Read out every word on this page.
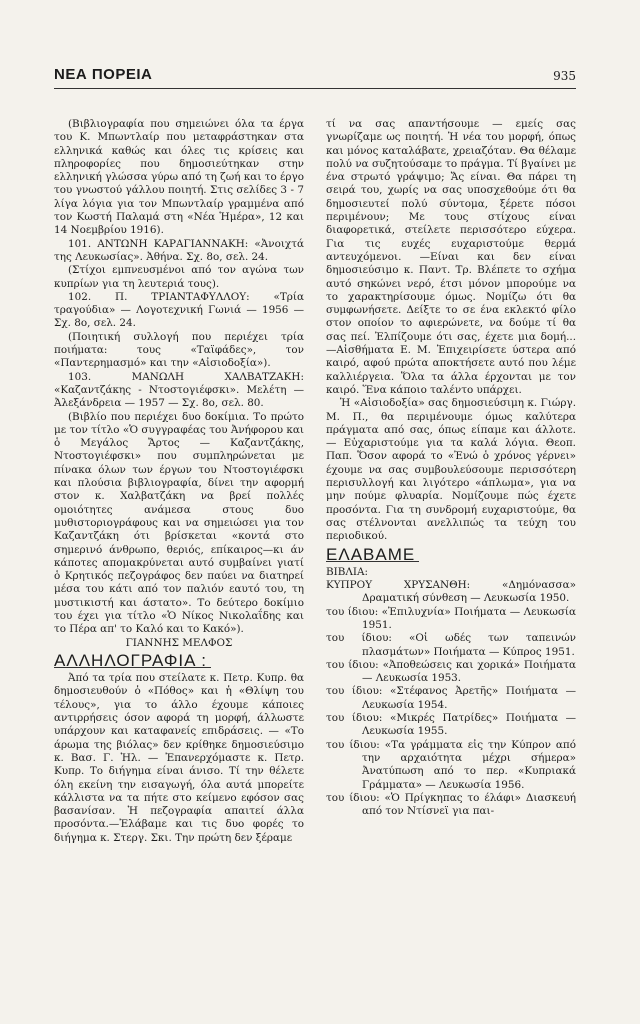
ΝΕΑ ΠΟΡΕΙΑ	935

(Βιβλιογραφία που σημειώνει όλα τα έργα του Κ. Μπωντλαίρ που μεταφράστηκαν στα ελληνικά καθώς και όλες τις κρίσεις και πληροφορίες που δημοσιεύτηκαν στην ελληνική γλώσσα γύρω από τη ζωή και το έργο του γνωστού γάλλου ποιητή. Στις σελίδες 3 - 7 λίγα λόγια για τον Μπωντλαίρ γραμμένα από τον Κωστή Παλαμά στη «Νέα Ἡμέρα», 12 και 14 Νοεμβρίου 1916).

101. ΑΝΤΩΝΗ ΚΑΡΑΓΙΑΝΝΑΚΗ: «Ἀνοιχτά της Λευκωσίας». Ἀθήνα. Σχ. 8ο, σελ. 24.

(Στίχοι εμπνευσμένοι από τον αγώνα των κυπρίων για τη λευτεριά τους).

102. Π. ΤΡΙΑΝΤΑΦΥΛΛΟΥ: «Τρία τραγούδια» — Λογοτεχνική Γωνιά — 1956 — Σχ. 8ο, σελ. 24.

(Ποιητική συλλογή που περιέχει τρία ποιήματα: τους «Ταϊφάδες», τον «Παντερημασμό» και την «Αἰσιοδοξία»).

103. ΜΑΝΩΛΗ ΧΑΛΒΑΤΖΑΚΗ: «Καζαντζάκης - Ντοστογιέφσκι». Μελέτη — Ἀλεξάνδρεια — 1957 — Σχ. 8ο, σελ. 80.

(Βιβλίο που περιέχει δυο δοκίμια. Το πρώτο με τον τίτλο «Ὁ συγγραφέας του Ἀνήφορου και ὁ Μεγάλος Ἄρτος — Καζαντζάκης, Ντοστογιέφσκι» που συμπληρώνεται με πίνακα όλων των έργων του Ντοστογιέφσκι και πλούσια βιβλιογραφία, δίνει την αφορμή στον κ. Χαλβατζάκη να βρεί πολλές ομοιότητες ανάμεσα στους δυο μυθιστοριογράφους και να σημειώσει για τον Καζαντζάκη ότι βρίσκεται «κοντά στο σημερινό άνθρωπο, θεριός, επίκαιρος—κι άν κάποτες απομακρύνεται αυτό συμβαίνει γιατί ὁ Κρητικός πεζογράφος δεν παύει να διατηρεί μέσα του κάτι από τον παλιόν εαυτό του, τη μυστικιστή και άστατο». Το δεύτερο δοκίμιο του έχει για τίτλο «Ὁ Νίκος Νικολαΐδης και το Πέρα απ' το Καλό και το Κακό»).

ΓΙΑΝΝΗΣ ΜΕΛΦΟΣ

ΑΛΛΗΛΟΓΡΑΦΙΑ :

Ἀπό τα τρία που στείλατε κ. Πετρ. Κυπρ. θα δημοσιευθούν ὁ «Πόθος» και ἡ «Θλίψη του τέλους», για το άλλο έχουμε κάποιες αντιρρήσεις όσον αφορά τη μορφή, άλλωστε υπάρχουν και καταφανείς επιδράσεις. — «Το άρωμα της βιόλας» δεν κρίθηκε δημοσιεύσιμο κ. Βασ. Γ. Ἡλ. — Ἐπανερχόμαστε κ. Πετρ. Κυπρ. Το διήγημα είναι άνισο. Τί την θέλετε όλη εκείνη την εισαγωγή, όλα αυτά μπορείτε κάλλιστα να τα πήτε στο κείμενο εφόσον σας βασανίσαν. Ἡ πεζογραφία απαιτεί άλλα προσόντα.—Ἐλάβαμε και τις δυο φορές το διήγημα κ. Στεργ. Σκι. Την πρώτη δεν ξέραμε

τί να σας απαντήσουμε — εμείς σας γνωρίζαμε ως ποιητή. Ἡ νέα του μορφή, όπως και μόνος καταλάβατε, χρειαζόταν. Θα θέλαμε πολύ να συζητούσαμε το πράγμα. Τί βγαίνει με ένα στρωτό γράψιμο; Ἄς είναι. Θα πάρει τη σειρά του, χωρίς να σας υποσχεθούμε ότι θα δημοσιευτεί πολύ σύντομα, ξέρετε πόσοι περιμένουν; Με τους στίχους είναι διαφορετικά, στείλετε περισσότερο εύχερα. Για τις ευχές ευχαριστούμε θερμά αντευχόμενοι. —Είναι και δεν είναι δημοσιεύσιμο κ. Παντ. Τρ. Βλέπετε το σχήμα αυτό σηκώνει νερό, έτσι μόνον μπορούμε να το χαρακτηρίσουμε όμως. Νομίζω ότι θα συμφωνήσετε. Δείξτε το σε ένα εκλεκτό φίλο στον οποίον το αφιερώνετε, να δούμε τί θα σας πεί. Ἐλπίζουμε ότι σας, έχετε μια δομή... —Αἰσθήματα Ε. Μ. Ἐπιχειρίσετε ύστερα από καιρό, αφού πρώτα αποκτήσετε αυτό που λέμε καλλιέργεια. Ὅλα τα άλλα έρχονται με τον καιρό. Ἕνα κάποιο ταλέντο υπάρχει.

Ἡ «Αἰσιοδοξία» σας δημοσιεύσιμη κ. Γιώργ. Μ. Π., θα περιμένουμε όμως καλύτερα πράγματα από σας, όπως είπαμε και άλλοτε. — Εὐχαριστούμε για τα καλά λόγια. Θεοπ. Παπ. Ὅσον αφορά το «Ἐνώ ὁ χρόνος γέρνει» έχουμε να σας συμβουλεύσουμε περισσότερη περισυλλογή και λιγότερο «άπλωμα», για να μην πούμε φλυαρία. Νομίζουμε πώς έχετε προσόντα. Για τη συνδρομή ευχαριστούμε, θα σας στέλνονται ανελλιπώς τα τεύχη του περιοδικού.

ΕΛΑΒΑΜΕ

ΒΙΒΛΙΑ:

ΚΥΠΡΟΥ ΧΡΥΣΑΝΘΗ: «Δημόνασσα» Δραματική σύνθεση — Λευκωσία 1950.

του ίδιου: «Ἐπιλυχνία» Ποιήματα — Λευκωσία 1951.

του ίδιου: «Οἱ ωδές των ταπεινών πλασμάτων» Ποιήματα — Κύπρος 1951.

του ίδιου: «Ἀποθεώσεις και χορικά» Ποιήματα — Λευκωσία 1953.

του ίδιου: «Στέφανος Ἀρετῆς» Ποιήματα — Λευκωσία 1954.

του ίδιου: «Μικρές Πατρίδες» Ποιήματα — Λευκωσία 1955.

του ίδιου: «Τα γράμματα εἰς την Κύπρον από την αρχαιότητα μέχρι σήμερα» Ἀνατύπωση από το περ. «Κυπριακά Γράμματα» — Λευκωσία 1956.

του ίδιου: «Ὁ Πρίγκηπας το έλάφι» Διασκευή από τον Ντίσνεϊ για παι-
